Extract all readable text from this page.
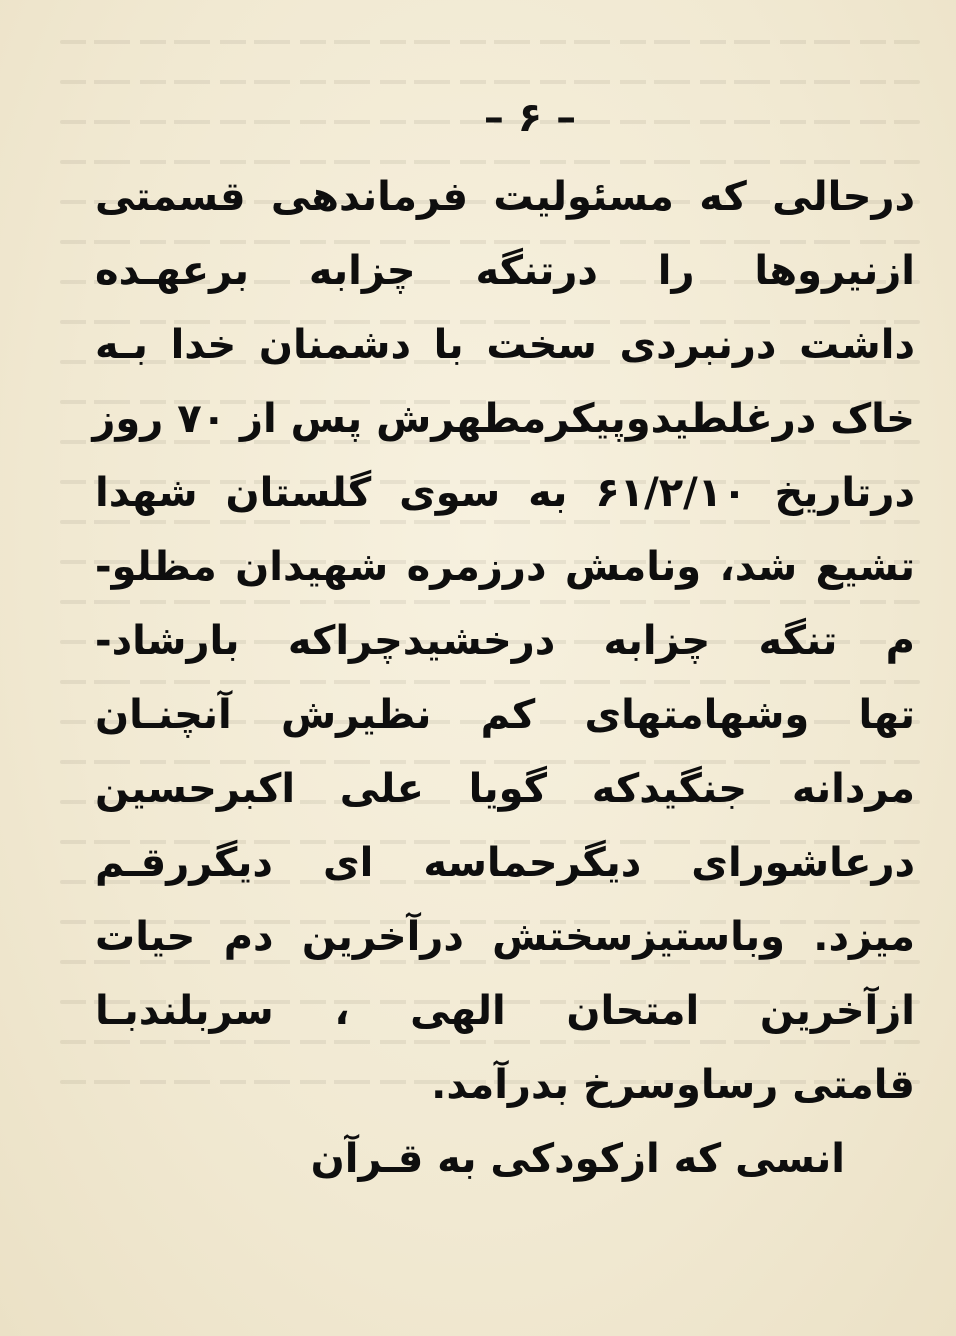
– ۶ –
درحالی که مسئولیت فرماندهی قسمتی
ازنیروها را درتنگه چزابه برعهـده
داشت درنبردی سخت با دشمنان خدا بـه
خاک درغلطیدوپیکرمطهرش پس از ۷۰ روز
درتاریخ ۶۱/۲/۱۰ به سوی گلستان شهدا
تشیع شد، ونامش درزمره شهیدان مظلو-
م تنگه چزابه درخشیدچراکه بارشاد-
تها وشهامتهای کم نظیرش آنچنـان
مردانه جنگیدکه گویا علی اکبرحسین
درعاشورای دیگرحماسه ای دیگررقـم
میزد. وباستیزسختش درآخرین دم حیات
ازآخرین امتحان الهی ، سربلندبـا
قامتی رساوسرخ بدرآمد.
انسی که ازکودکی به قـرآن
